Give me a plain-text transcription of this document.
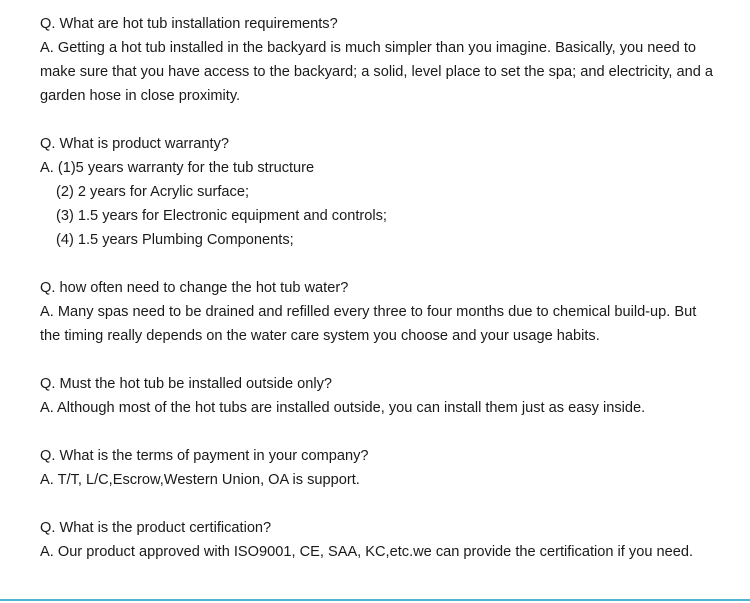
Q. What are hot tub installation requirements?

A. Getting a hot tub installed in the backyard is much simpler than you imagine. Basically, you need to make sure that you have access to the backyard; a solid, level place to set the spa; and electricity, and a garden hose in close proximity.

Q. What is product warranty?

A. (1)5 years warranty for the tub structure

(2) 2 years for Acrylic surface;

(3) 1.5 years for Electronic equipment and controls;

(4) 1.5 years Plumbing Components;

Q. how often need to change the hot tub water?

A. Many spas need to be drained and refilled every three to four months due to chemical build-up. But the timing really depends on the water care system you choose and your usage habits.

Q. Must the hot tub be installed outside only?

A. Although most of the hot tubs are installed outside, you can install them just as easy inside.

Q. What is the terms of payment in your company?

A. T/T, L/C,Escrow,Western Union, OA is support.

Q. What is the product certification?

A. Our product approved with ISO9001, CE, SAA, KC,etc.we can provide the certification if you need.
